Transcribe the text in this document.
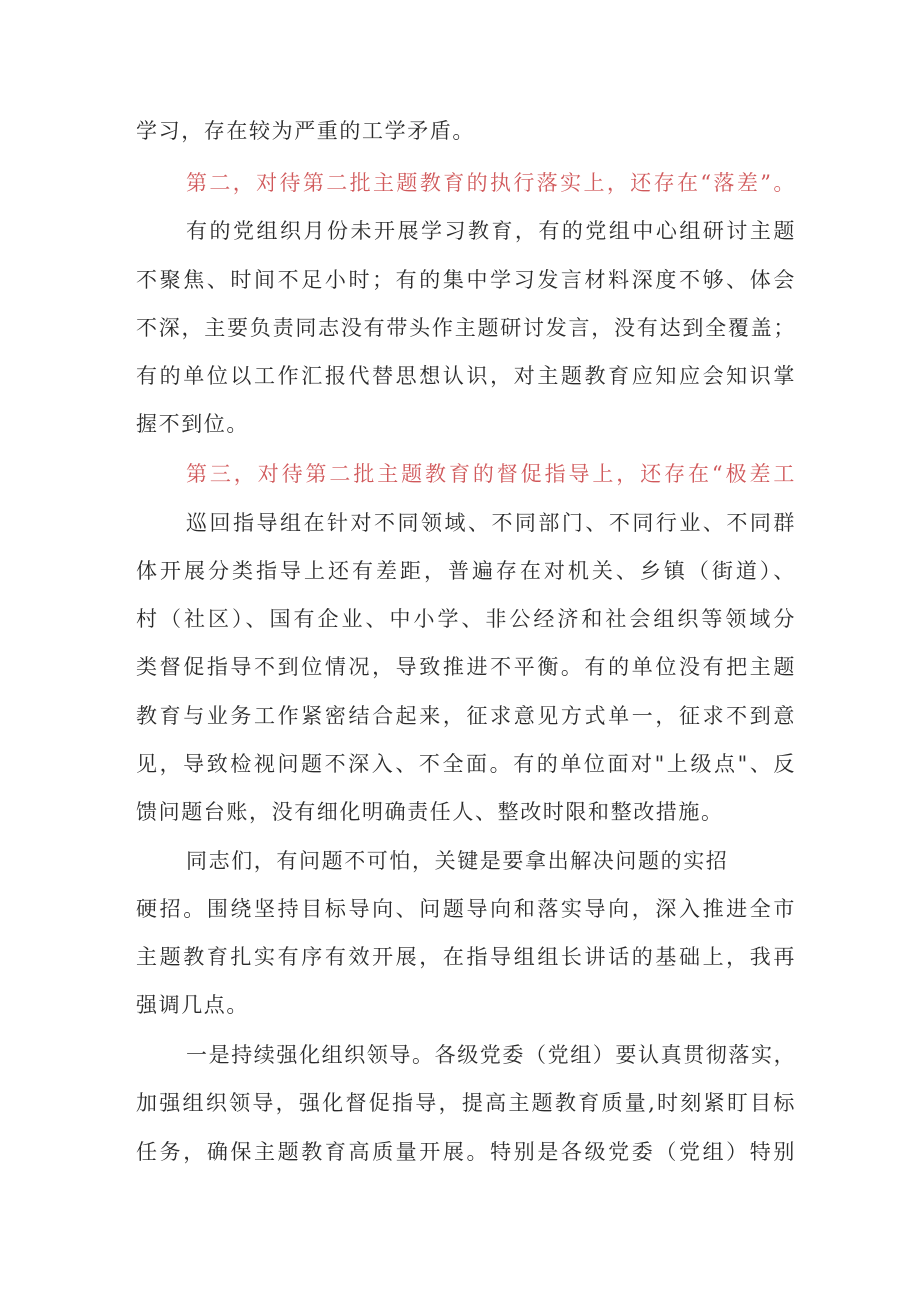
学习，存在较为严重的工学矛盾。
第二，对待第二批主题教育的执行落实上，还存在“落差”。
有的党组织月份未开展学习教育，有的党组中心组研讨主题
不聚焦、时间不足小时；有的集中学习发言材料深度不够、体会
不深，主要负责同志没有带头作主题研讨发言，没有达到全覆盖；
有的单位以工作汇报代替思想认识，对主题教育应知应会知识掌
握不到位。
第三，对待第二批主题教育的督促指导上，还存在“极差工
巡回指导组在针对不同领域、不同部门、不同行业、不同群
体开展分类指导上还有差距，普遍存在对机关、乡镇（街道）、
村（社区）、国有企业、中小学、非公经济和社会组织等领域分
类督促指导不到位情况，导致推进不平衡。有的单位没有把主题
教育与业务工作紧密结合起来，征求意见方式单一，征求不到意
见，导致检视问题不深入、不全面。有的单位面对"上级点"、反
馈问题台账，没有细化明确责任人、整改时限和整改措施。
同志们，有问题不可怕，关键是要拿出解决问题的实招
硬招。围绕坚持目标导向、问题导向和落实导向，深入推进全市
主题教育扎实有序有效开展，在指导组组长讲话的基础上，我再
强调几点。
一是持续强化组织领导。各级党委（党组）要认真贯彻落实，
加强组织领导，强化督促指导，提高主题教育质量,时刻紧盯目标
任务，确保主题教育高质量开展。特别是各级党委（党组）特别
